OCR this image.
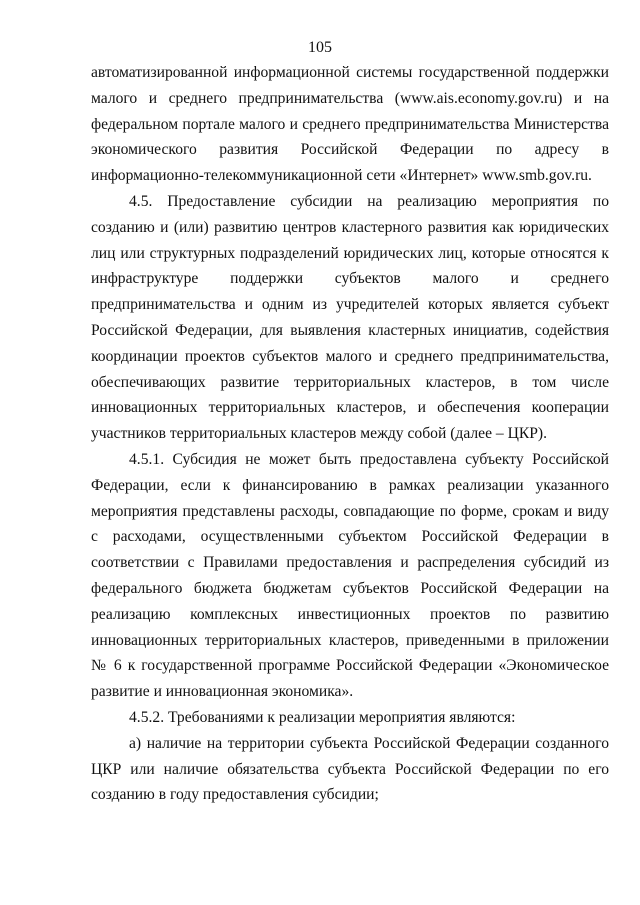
105

автоматизированной информационной системы государственной поддержки малого и среднего предпринимательства (www.ais.economy.gov.ru) и на федеральном портале малого и среднего предпринимательства Министерства экономического развития Российской Федерации по адресу в информационно-телекоммуникационной сети «Интернет» www.smb.gov.ru.

4.5. Предоставление субсидии на реализацию мероприятия по созданию и (или) развитию центров кластерного развития как юридических лиц или структурных подразделений юридических лиц, которые относятся к инфраструктуре поддержки субъектов малого и среднего предпринимательства и одним из учредителей которых является субъект Российской Федерации, для выявления кластерных инициатив, содействия координации проектов субъектов малого и среднего предпринимательства, обеспечивающих развитие территориальных кластеров, в том числе инновационных территориальных кластеров, и обеспечения кооперации участников территориальных кластеров между собой (далее – ЦКР).

4.5.1. Субсидия не может быть предоставлена субъекту Российской Федерации, если к финансированию в рамках реализации указанного мероприятия представлены расходы, совпадающие по форме, срокам и виду с расходами, осуществленными субъектом Российской Федерации в соответствии с Правилами предоставления и распределения субсидий из федерального бюджета бюджетам субъектов Российской Федерации на реализацию комплексных инвестиционных проектов по развитию инновационных территориальных кластеров, приведенными в приложении № 6 к государственной программе Российской Федерации «Экономическое развитие и инновационная экономика».

4.5.2. Требованиями к реализации мероприятия являются:

а) наличие на территории субъекта Российской Федерации созданного ЦКР или наличие обязательства субъекта Российской Федерации по его созданию в году предоставления субсидии;
